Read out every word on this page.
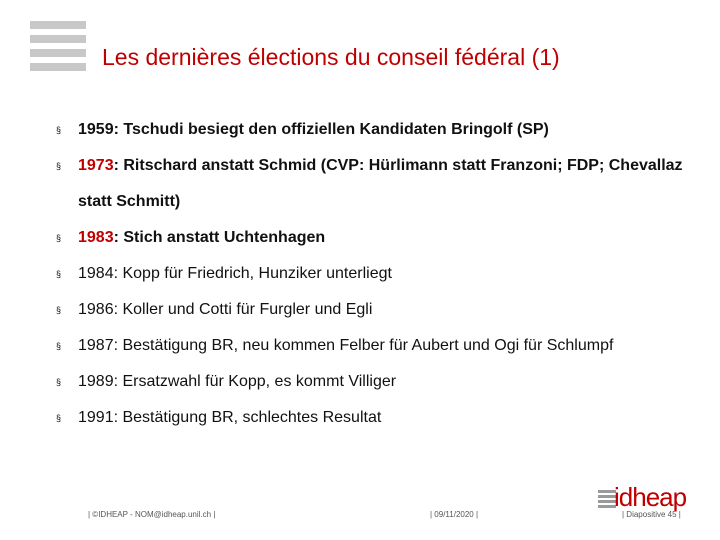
Les dernières élections du conseil fédéral (1)
§	1959: Tschudi besiegt den offiziellen Kandidaten Bringolf (SP)
§	1973: Ritschard anstatt Schmid (CVP: Hürlimann statt Franzoni; FDP; Chevallaz statt Schmitt)
§	1983: Stich anstatt Uchtenhagen
§	1984: Kopp für Friedrich, Hunziker unterliegt
§	1986: Koller und Cotti für Furgler und Egli
§	1987: Bestätigung BR, neu kommen Felber für Aubert und Ogi für Schlumpf
§	1989: Ersatzwahl für Kopp, es kommt Villiger
§	1991: Bestätigung BR, schlechtes Resultat
idheap
| ©IDHEAP - NOM@idheap.unil.ch |	| 09/11/2020 |	| Diapositive 45 |
